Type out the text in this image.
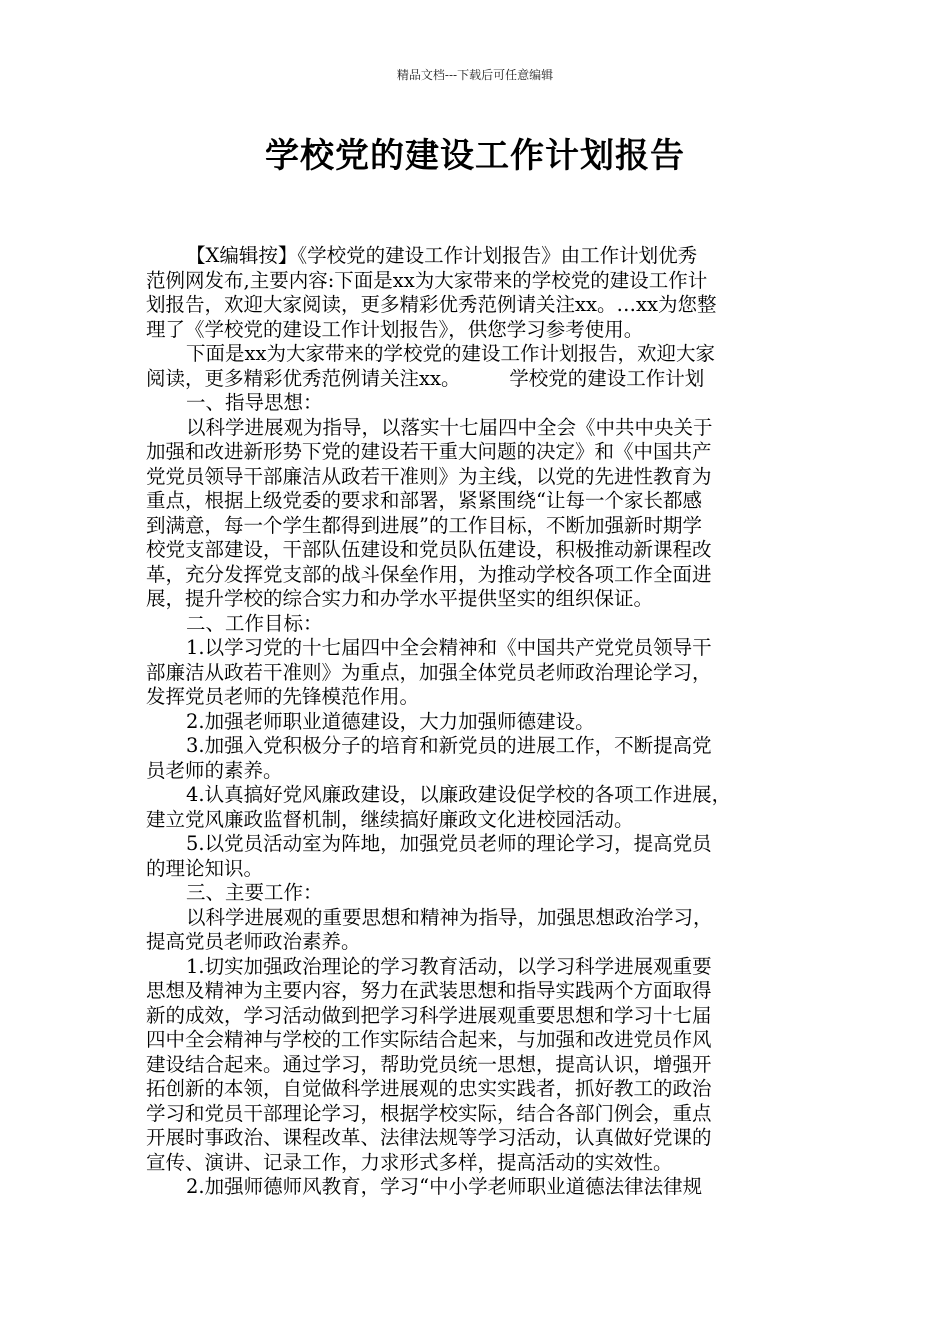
精品文档---下载后可任意编辑
学校党的建设工作计划报告
【X编辑按】《学校党的建设工作计划报告》由工作计划优秀
范例网发布,主要内容:下面是xx为大家带来的学校党的建设工作计
划报告，欢迎大家阅读，更多精彩优秀范例请关注xx。…xx为您整
理了《学校党的建设工作计划报告》，供您学习参考使用。
下面是xx为大家带来的学校党的建设工作计划报告，欢迎大家
阅读，更多精彩优秀范例请关注xx。　　　学校党的建设工作计划
一、指导思想：
以科学进展观为指导，以落实十七届四中全会《中共中央关于
加强和改进新形势下党的建设若干重大问题的决定》和《中国共产
党党员领导干部廉洁从政若干准则》为主线，以党的先进性教育为
重点，根据上级党委的要求和部署，紧紧围绕“让每一个家长都感
到满意，每一个学生都得到进展”的工作目标，不断加强新时期学
校党支部建设，干部队伍建设和党员队伍建设，积极推动新课程改
革，充分发挥党支部的战斗保垒作用，为推动学校各项工作全面进
展，提升学校的综合实力和办学水平提供坚实的组织保证。
二、工作目标：
1.以学习党的十七届四中全会精神和《中国共产党党员领导干
部廉洁从政若干准则》为重点，加强全体党员老师政治理论学习，
发挥党员老师的先锋模范作用。
2.加强老师职业道德建设，大力加强师德建设。
3.加强入党积极分子的培育和新党员的进展工作，不断提高党
员老师的素养。
4.认真搞好党风廉政建设，以廉政建设促学校的各项工作进展，
建立党风廉政监督机制，继续搞好廉政文化进校园活动。
5.以党员活动室为阵地，加强党员老师的理论学习，提高党员
的理论知识。
三、主要工作：
以科学进展观的重要思想和精神为指导，加强思想政治学习，
提高党员老师政治素养。
1.切实加强政治理论的学习教育活动，以学习科学进展观重要
思想及精神为主要内容，努力在武装思想和指导实践两个方面取得
新的成效，学习活动做到把学习科学进展观重要思想和学习十七届
四中全会精神与学校的工作实际结合起来，与加强和改进党员作风
建设结合起来。通过学习，帮助党员统一思想，提高认识，增强开
拓创新的本领，自觉做科学进展观的忠实实践者，抓好教工的政治
学习和党员干部理论学习，根据学校实际，结合各部门例会，重点
开展时事政治、课程改革、法律法规等学习活动，认真做好党课的
宣传、演讲、记录工作，力求形式多样，提高活动的实效性。
2.加强师德师风教育，学习“中小学老师职业道德法律法律规
